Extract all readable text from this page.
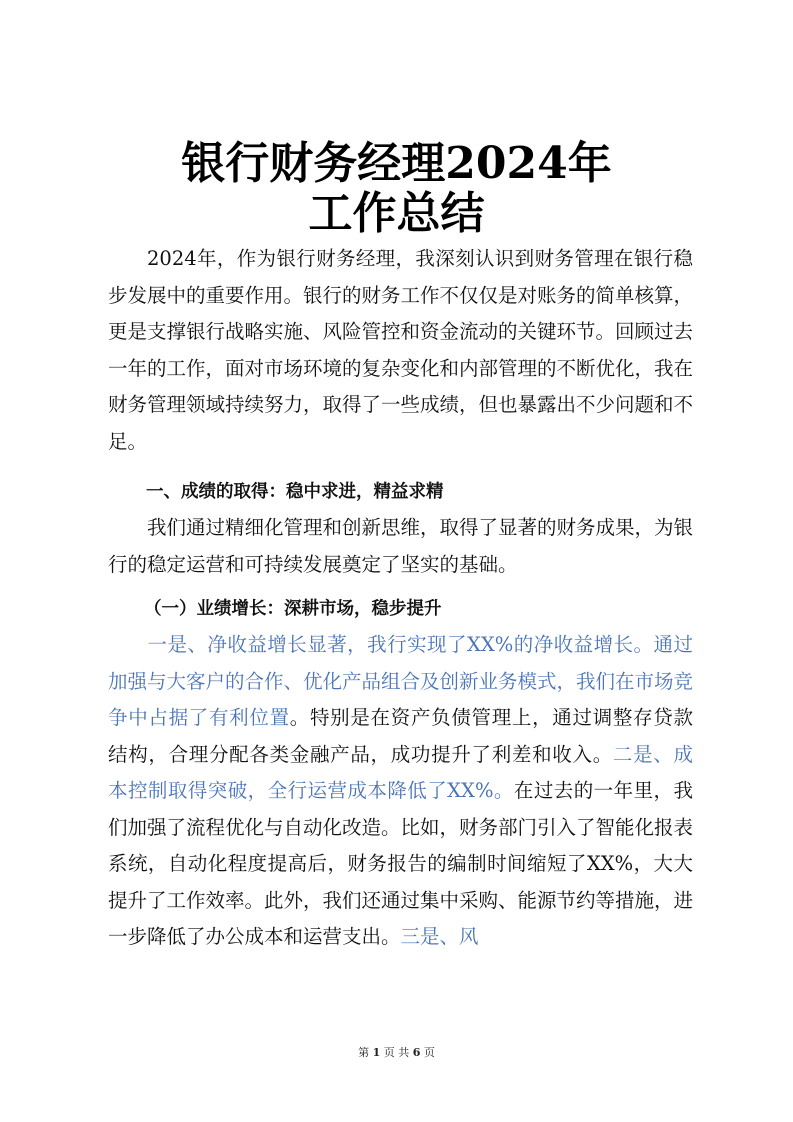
银行财务经理2024年
工作总结
2024年，作为银行财务经理，我深刻认识到财务管理在银行稳步发展中的重要作用。银行的财务工作不仅仅是对账务的简单核算，更是支撑银行战略实施、风险管控和资金流动的关键环节。回顾过去一年的工作，面对市场环境的复杂变化和内部管理的不断优化，我在财务管理领域持续努力，取得了一些成绩，但也暴露出不少问题和不足。
一、成绩的取得：稳中求进，精益求精
我们通过精细化管理和创新思维，取得了显著的财务成果，为银行的稳定运营和可持续发展奠定了坚实的基础。
（一）业绩增长：深耕市场，稳步提升
一是、净收益增长显著，我行实现了XX%的净收益增长。通过加强与大客户的合作、优化产品组合及创新业务模式，我们在市场竞争中占据了有利位置。特别是在资产负债管理上，通过调整存贷款结构，合理分配各类金融产品，成功提升了利差和收入。二是、成本控制取得突破，全行运营成本降低了XX%。在过去的一年里，我们加强了流程优化与自动化改造。比如，财务部门引入了智能化报表系统，自动化程度提高后，财务报告的编制时间缩短了XX%，大大提升了工作效率。此外，我们还通过集中采购、能源节约等措施，进一步降低了办公成本和运营支出。三是、风
第 1 页 共 6 页
